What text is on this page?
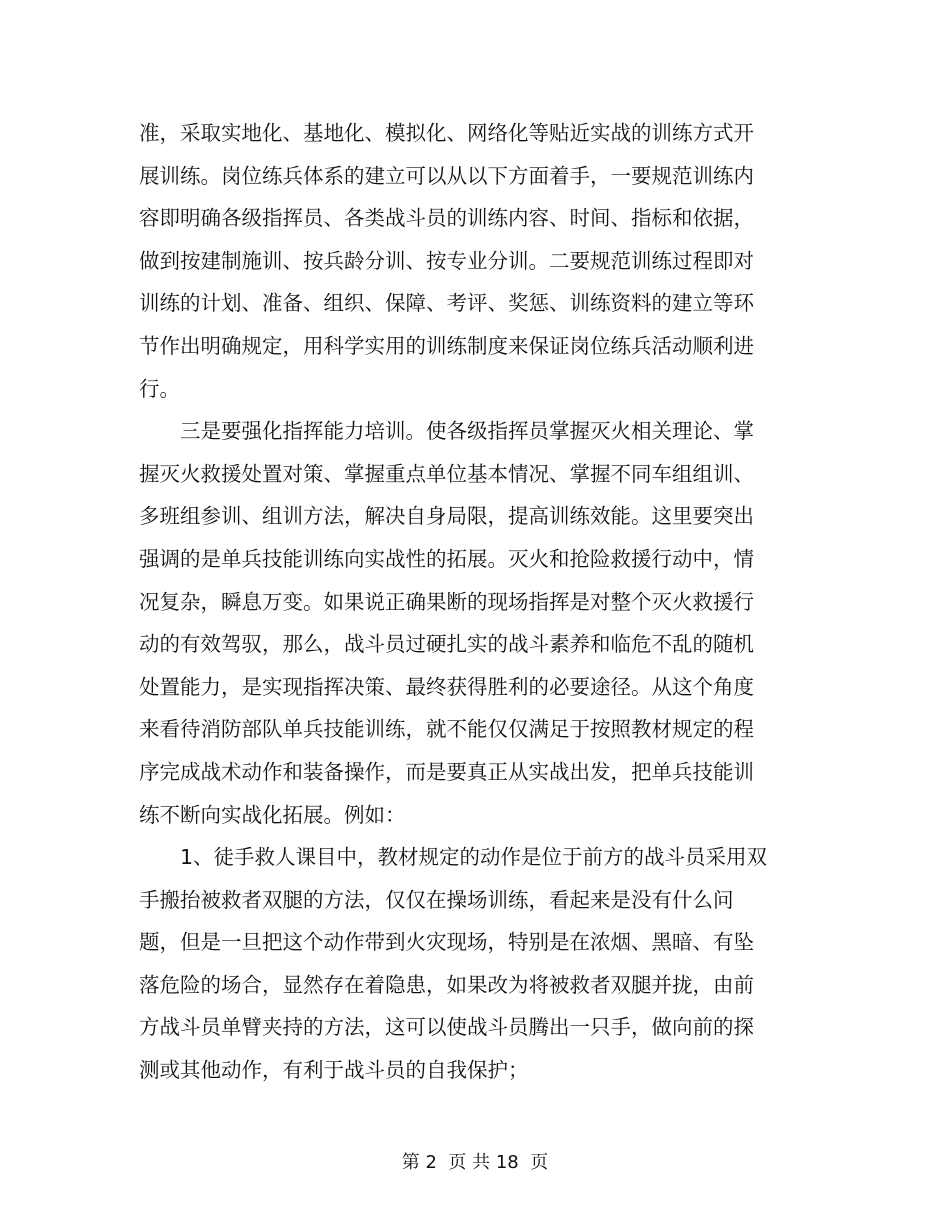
准，采取实地化、基地化、模拟化、网络化等贴近实战的训练方式开
展训练。岗位练兵体系的建立可以从以下方面着手，一要规范训练内
容即明确各级指挥员、各类战斗员的训练内容、时间、指标和依据，
做到按建制施训、按兵龄分训、按专业分训。二要规范训练过程即对
训练的计划、准备、组织、保障、考评、奖惩、训练资料的建立等环
节作出明确规定，用科学实用的训练制度来保证岗位练兵活动顺利进
行。
　　三是要强化指挥能力培训。使各级指挥员掌握灭火相关理论、掌
握灭火救援处置对策、掌握重点单位基本情况、掌握不同车组组训、
多班组参训、组训方法，解决自身局限，提高训练效能。这里要突出
强调的是单兵技能训练向实战性的拓展。灭火和抢险救援行动中，情
况复杂，瞬息万变。如果说正确果断的现场指挥是对整个灭火救援行
动的有效驾驭，那么，战斗员过硬扎实的战斗素养和临危不乱的随机
处置能力，是实现指挥决策、最终获得胜利的必要途径。从这个角度
来看待消防部队单兵技能训练，就不能仅仅满足于按照教材规定的程
序完成战术动作和装备操作，而是要真正从实战出发，把单兵技能训
练不断向实战化拓展。例如：
　　1、徒手救人课目中，教材规定的动作是位于前方的战斗员采用双
手搬抬被救者双腿的方法，仅仅在操场训练，看起来是没有什么问
题，但是一旦把这个动作带到火灾现场，特别是在浓烟、黑暗、有坠
落危险的场合，显然存在着隐患，如果改为将被救者双腿并拢，由前
方战斗员单臂夹持的方法，这可以使战斗员腾出一只手，做向前的探
测或其他动作，有利于战斗员的自我保护；
第 2  页 共 18  页
